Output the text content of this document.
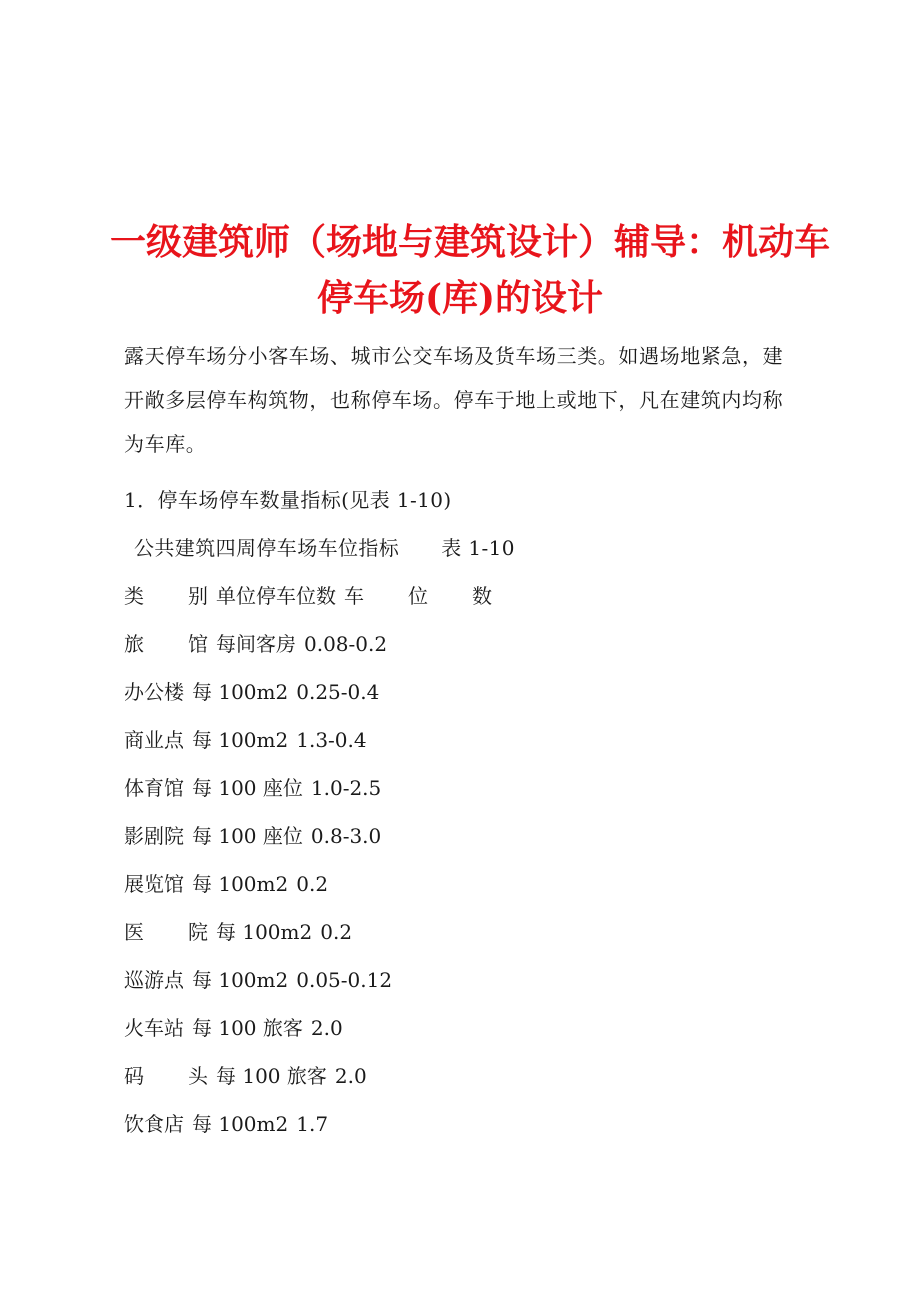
一级建筑师（场地与建筑设计）辅导：机动车
停车场(库)的设计
露天停车场分小客车场、城市公交车场及货车场三类。如遇场地紧急，建
开敞多层停车构筑物，也称停车场。停车于地上或地下，凡在建筑内均称
为车库。
1．停车场停车数量指标(见表 1-10)
公共建筑四周停车场车位指标 表 1-10
类 别 单位停车位数 车 位 数
旅 馆 每间客房 0.08-0.2
办公楼 每 100m2 0.25-0.4
商业点 每 100m2 1.3-0.4
体育馆 每 100 座位 1.0-2.5
影剧院 每 100 座位 0.8-3.0
展览馆 每 100m2 0.2
医 院 每 100m2 0.2
巡游点 每 100m2 0.05-0.12
火车站 每 100 旅客 2.0
码 头 每 100 旅客 2.0
饮食店 每 100m2 1.7
